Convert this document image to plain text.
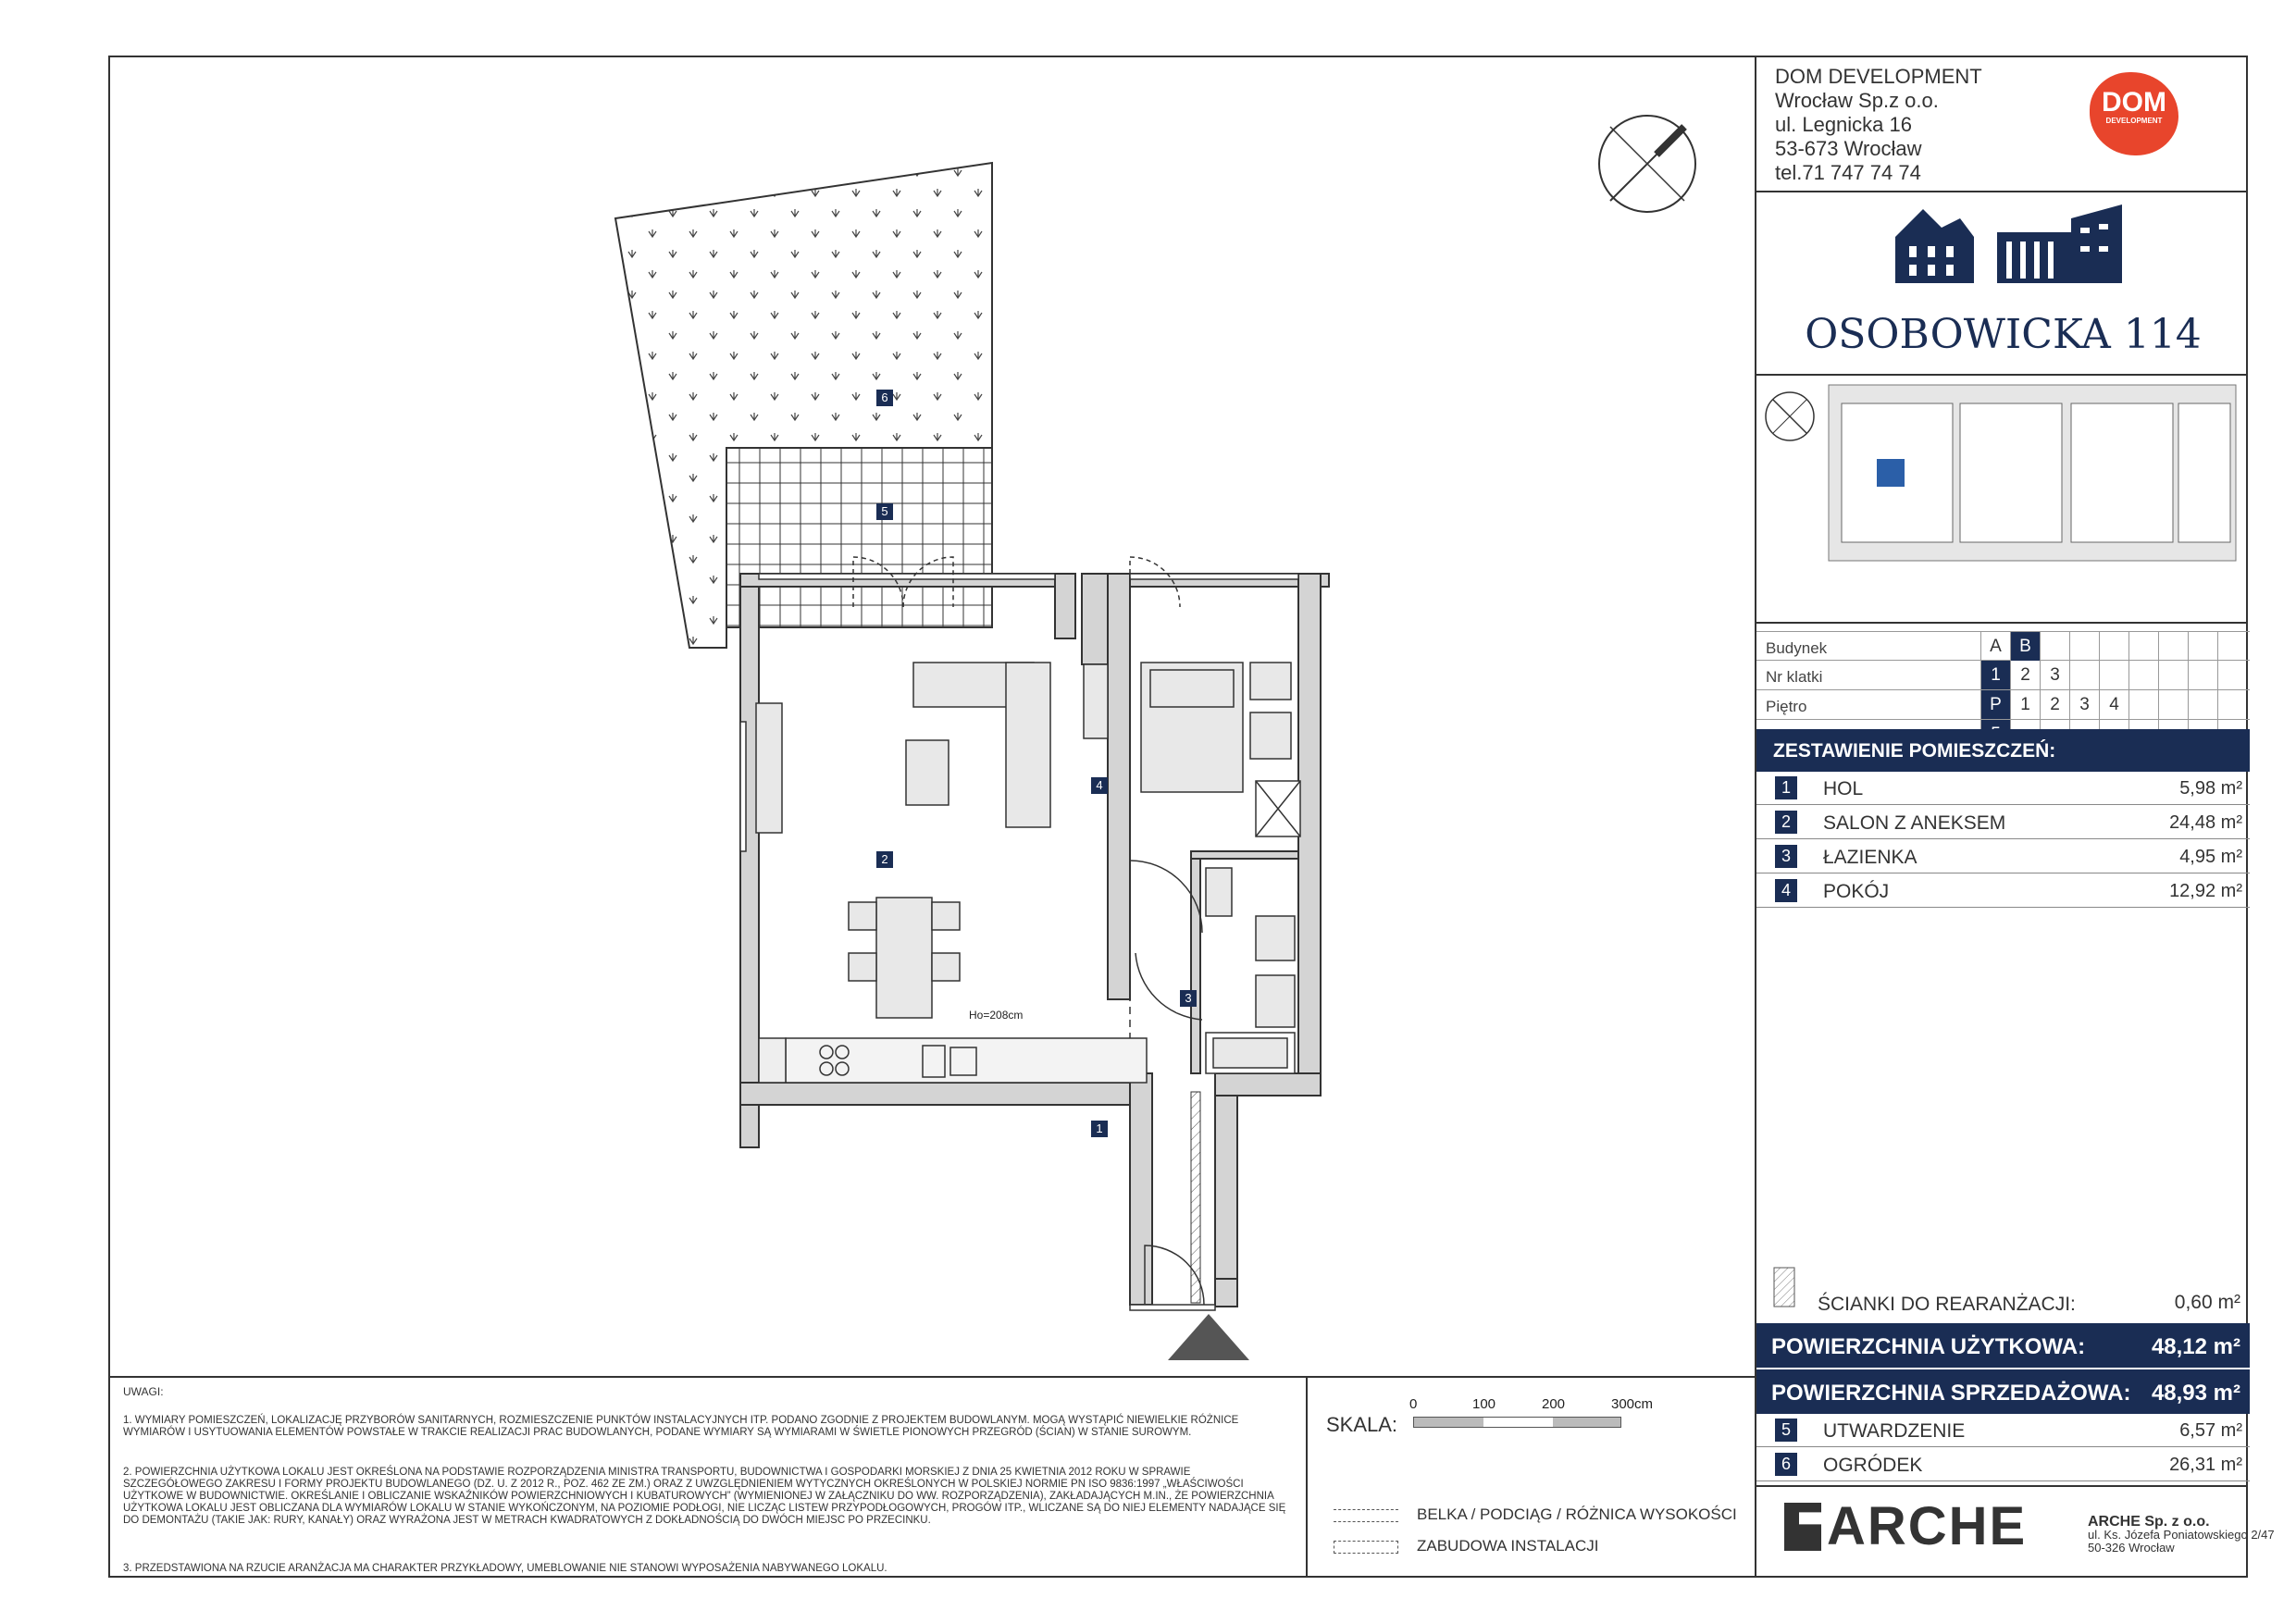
1
2
3
4
5
6
Ho=208cm
DOM DEVELOPMENT
Wrocław Sp.z o.o.
ul. Legnicka 16
53-673 Wrocław
tel.71 747 74 74
DOM
DEVELOPMENT
OSOBOWICKA 114
Budynek	A	B
Nr klatki	1	2	3
Piętro	P	1	2	3	4
ZESTAWIENIE POMIESZCZEŃ:
1	HOL	5,98 m²
2	SALON Z ANEKSEM	24,48 m²
3	ŁAZIENKA	4,95 m²
4	POKÓJ	12,92 m²
ŚCIANKI DO REARANŻACJI:	0,60 m²
POWIERZCHNIA UŻYTKOWA:	48,12 m²
POWIERZCHNIA SPRZEDAŻOWA: 48,93 m²
5	UTWARDZENIE	6,57 m²
6	OGRÓDEK	26,31 m²
ARCHE	ARCHE Sp. z o.o.
ul. Ks. Józefa Poniatowskiego 2/47
50-326 Wrocław
UWAGI:
1. WYMIARY POMIESZCZEŃ, LOKALIZACJĘ PRZYBORÓW SANITARNYCH, ROZMIESZCZENIE PUNKTÓW INSTALACYJNYCH ITP. PODANO ZGODNIE Z PROJEKTEM BUDOWLANYM. MOGĄ WYSTĄPIĆ NIEWIELKIE RÓŻNICE WYMIARÓW I USYTUOWANIA ELEMENTÓW POWSTAŁE W TRAKCIE REALIZACJI PRAC BUDOWLANYCH, PODANE WYMIARY SĄ WYMIARAMI W ŚWIETLE PIONOWYCH PRZEGRÓD (ŚCIAN) W STANIE SUROWYM.
2. POWIERZCHNIA UŻYTKOWA LOKALU JEST OKREŚLONA NA PODSTAWIE ROZPORZĄDZENIA MINISTRA TRANSPORTU, BUDOWNICTWA I GOSPODARKI MORSKIEJ Z DNIA 25 KWIETNIA 2012 ROKU W SPRAWIE SZCZEGÓŁOWEGO ZAKRESU I FORMY PROJEKTU BUDOWLANEGO (DZ. U. Z 2012 R., POZ. 462 ZE ZM.) ORAZ Z UWZGLĘDNIENIEM WYTYCZNYCH OKREŚLONYCH W POLSKIEJ NORMIE PN ISO 9836:1997 „WŁAŚCIWOŚCI UŻYTKOWE W BUDOWNICTWIE. OKREŚLANIE I OBLICZANIE WSKAŹNIKÓW POWIERZCHNIOWYCH I KUBATUROWYCH” (WYMIENIONEJ W ZAŁĄCZNIKU DO WW. ROZPORZĄDZENIA), ZAKŁADAJĄCYCH M.IN., ŻE POWIERZCHNIA UŻYTKOWA LOKALU JEST OBLICZANA DLA WYMIARÓW LOKALU W STANIE WYKOŃCZONYM, NA POZIOMIE PODŁOGI, NIE LICZĄC LISTEW PRZYPODŁOGOWYCH, PROGÓW ITP., WLICZANE SĄ DO NIEJ ELEMENTY NADAJĄCE SIĘ DO DEMONTAŻU (TAKIE JAK: RURY, KANAŁY) ORAZ WYRAŻONA JEST W METRACH KWADRATOWYCH Z DOKŁADNOŚCIĄ DO DWÓCH MIEJSC PO PRZECINKU.
3. PRZEDSTAWIONA NA RZUCIE ARANŻACJA MA CHARAKTER PRZYKŁADOWY, UMEBLOWANIE NIE STANOWI WYPOSAŻENIA NABYWANEGO LOKALU.
SKALA:
0	100	200	300cm
BELKA / PODCIĄG / RÓŻNICA WYSOKOŚCI
ZABUDOWA INSTALACJI
